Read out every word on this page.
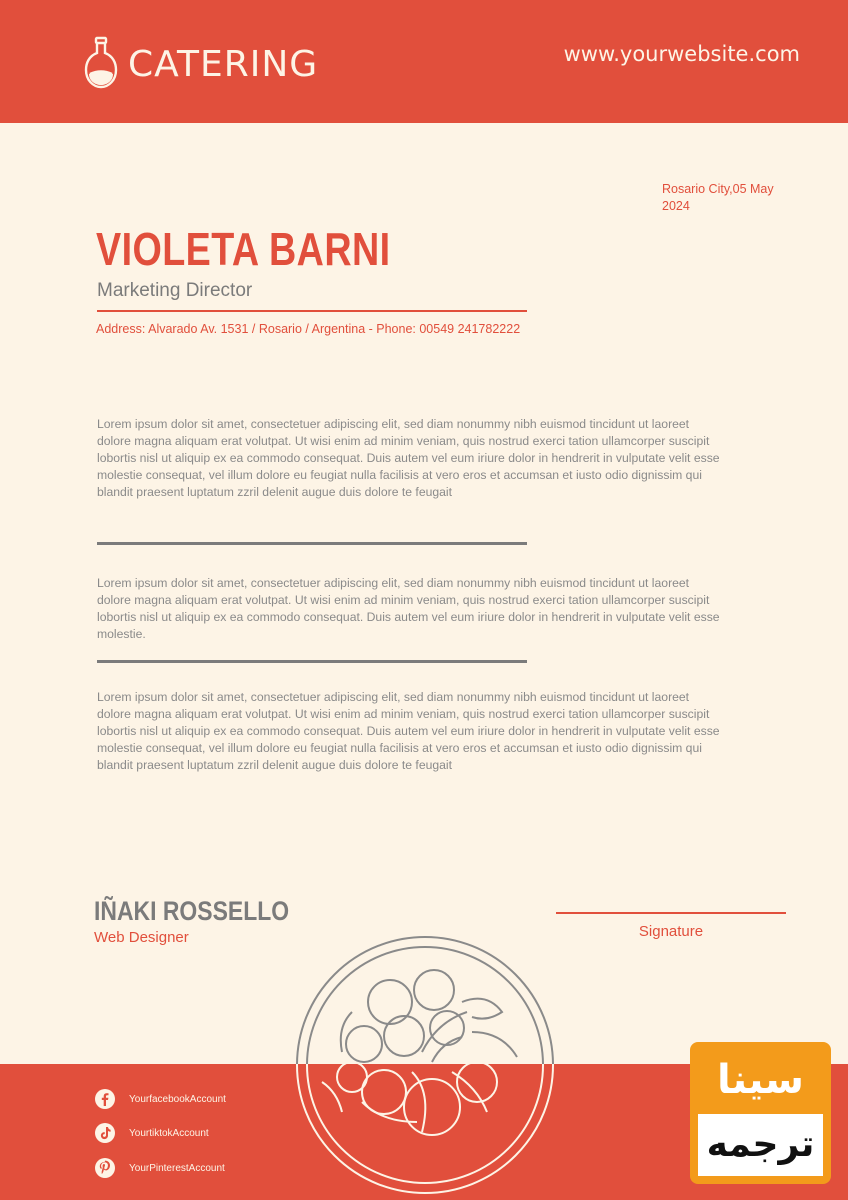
CATERING	www.yourwebsite.com
Rosario City,05 May 2024
VIOLETA BARNI
Marketing Director
Address: Alvarado Av. 1531 / Rosario / Argentina - Phone: 00549 241782222
Lorem ipsum dolor sit amet, consectetuer adipiscing elit, sed diam nonummy nibh euismod tincidunt ut laoreet dolore magna aliquam erat volutpat. Ut wisi enim ad minim veniam, quis nostrud exerci tation ullamcorper suscipit lobortis nisl ut aliquip ex ea commodo consequat. Duis autem vel eum iriure dolor in hendrerit in vulputate velit esse molestie consequat, vel illum dolore eu feugiat nulla facilisis at vero eros et accumsan et iusto odio dignissim qui blandit praesent luptatum zzril delenit augue duis dolore te feugait
Lorem ipsum dolor sit amet, consectetuer adipiscing elit, sed diam nonummy nibh euismod tincidunt ut laoreet dolore magna aliquam erat volutpat. Ut wisi enim ad minim veniam, quis nostrud exerci tation ullamcorper suscipit lobortis nisl ut aliquip ex ea commodo consequat. Duis autem vel eum iriure dolor in hendrerit in vulputate velit esse molestie.
Lorem ipsum dolor sit amet, consectetuer adipiscing elit, sed diam nonummy nibh euismod tincidunt ut laoreet dolore magna aliquam erat volutpat. Ut wisi enim ad minim veniam, quis nostrud exerci tation ullamcorper suscipit lobortis nisl ut aliquip ex ea commodo consequat. Duis autem vel eum iriure dolor in hendrerit in vulputate velit esse molestie consequat, vel illum dolore eu feugiat nulla facilisis at vero eros et accumsan et iusto odio dignissim qui blandit praesent luptatum zzril delenit augue duis dolore te feugait
IÑAKI ROSSELLO
Web Designer	Signature
YourfacebookAccount
YourtiktokAccount
YourPinterestAccount
سینا
ترجمه
